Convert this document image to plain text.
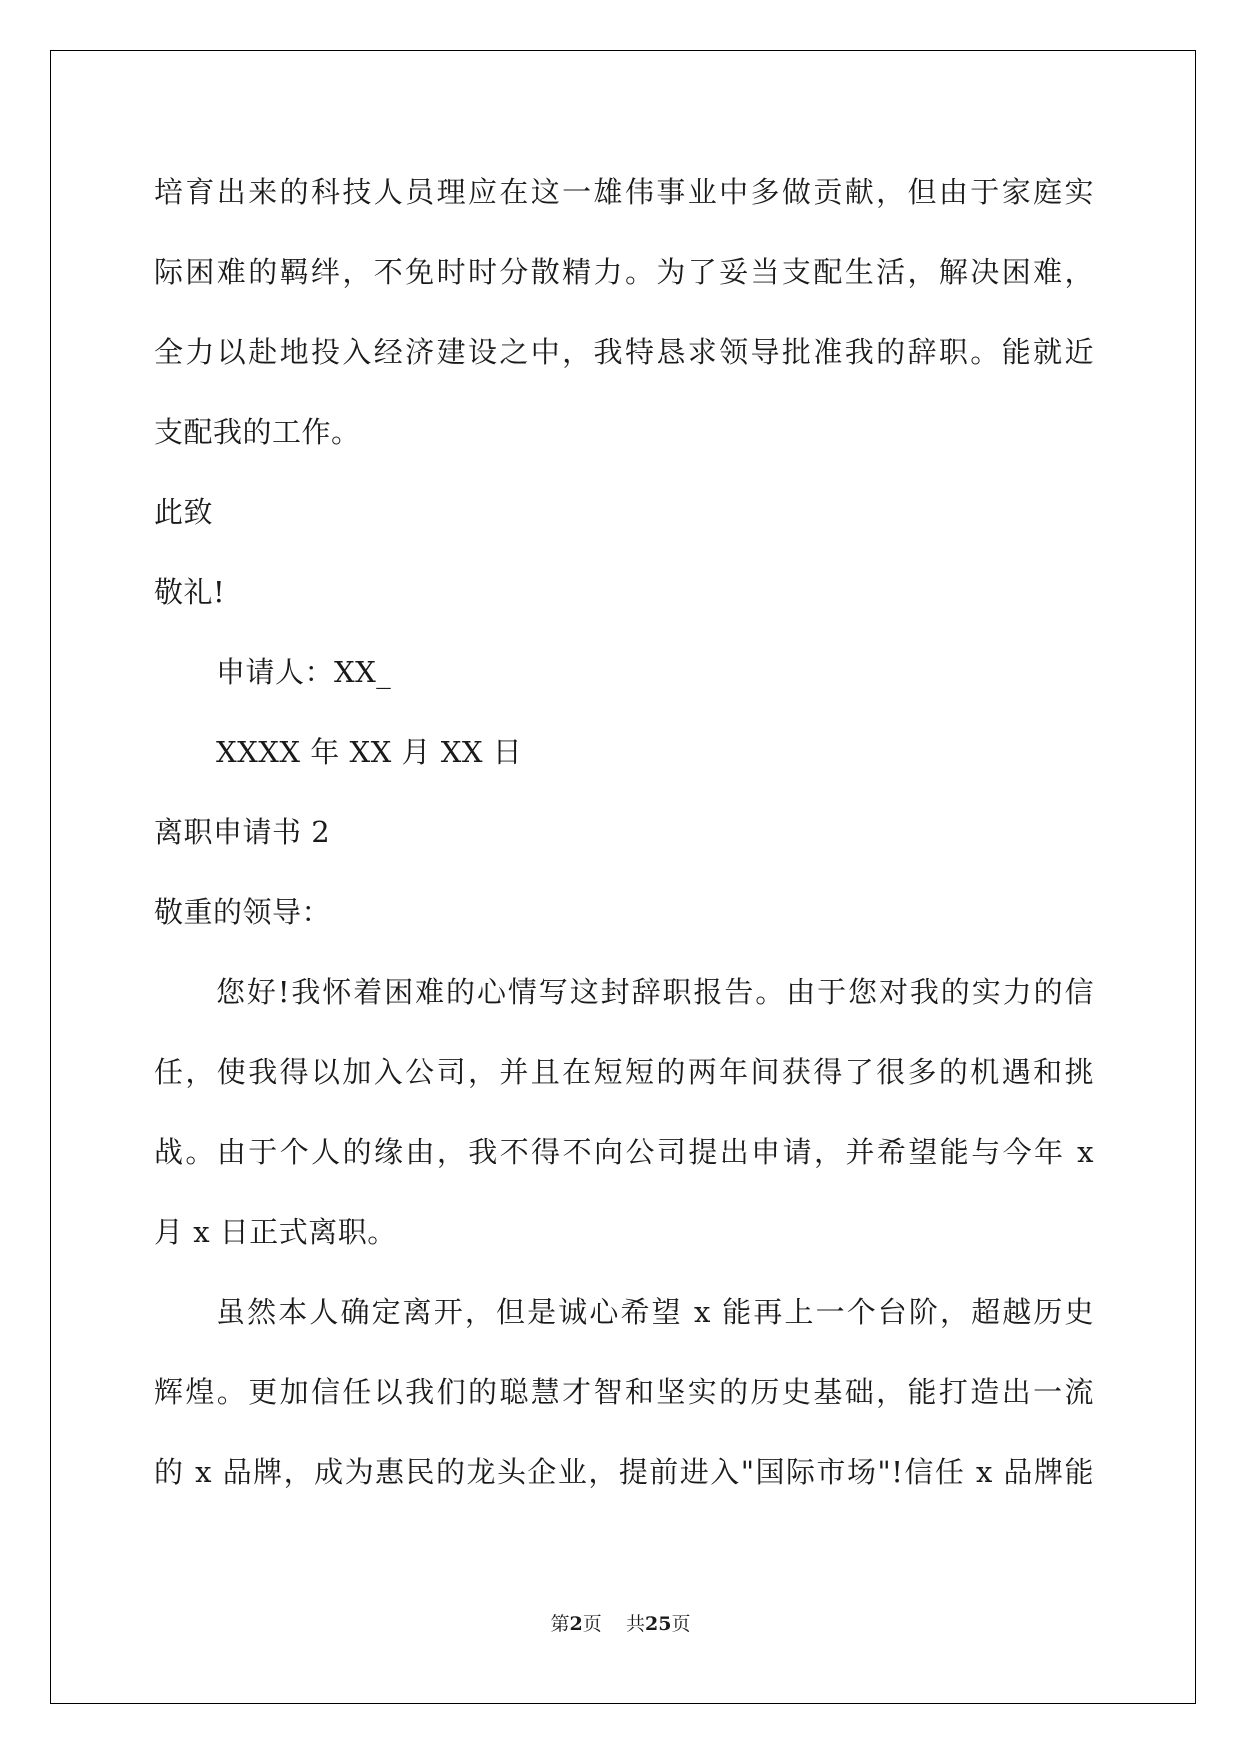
培育出来的科技人员理应在这一雄伟事业中多做贡献，但由于家庭实
际困难的羁绊，不免时时分散精力。为了妥当支配生活，解决困难，
全力以赴地投入经济建设之中，我特恳求领导批准我的辞职。能就近
支配我的工作。
此致
敬礼!
申请人：XX_
XXXX 年 XX 月 XX 日
离职申请书 2
敬重的领导：
您好!我怀着困难的心情写这封辞职报告。由于您对我的实力的信
任，使我得以加入公司，并且在短短的两年间获得了很多的机遇和挑
战。由于个人的缘由，我不得不向公司提出申请，并希望能与今年 x
月 x 日正式离职。
虽然本人确定离开，但是诚心希望 x 能再上一个台阶，超越历史
辉煌。更加信任以我们的聪慧才智和坚实的历史基础，能打造出一流
的 x 品牌，成为惠民的龙头企业，提前进入"国际市场"!信任 x 品牌能
第2页 共25页
